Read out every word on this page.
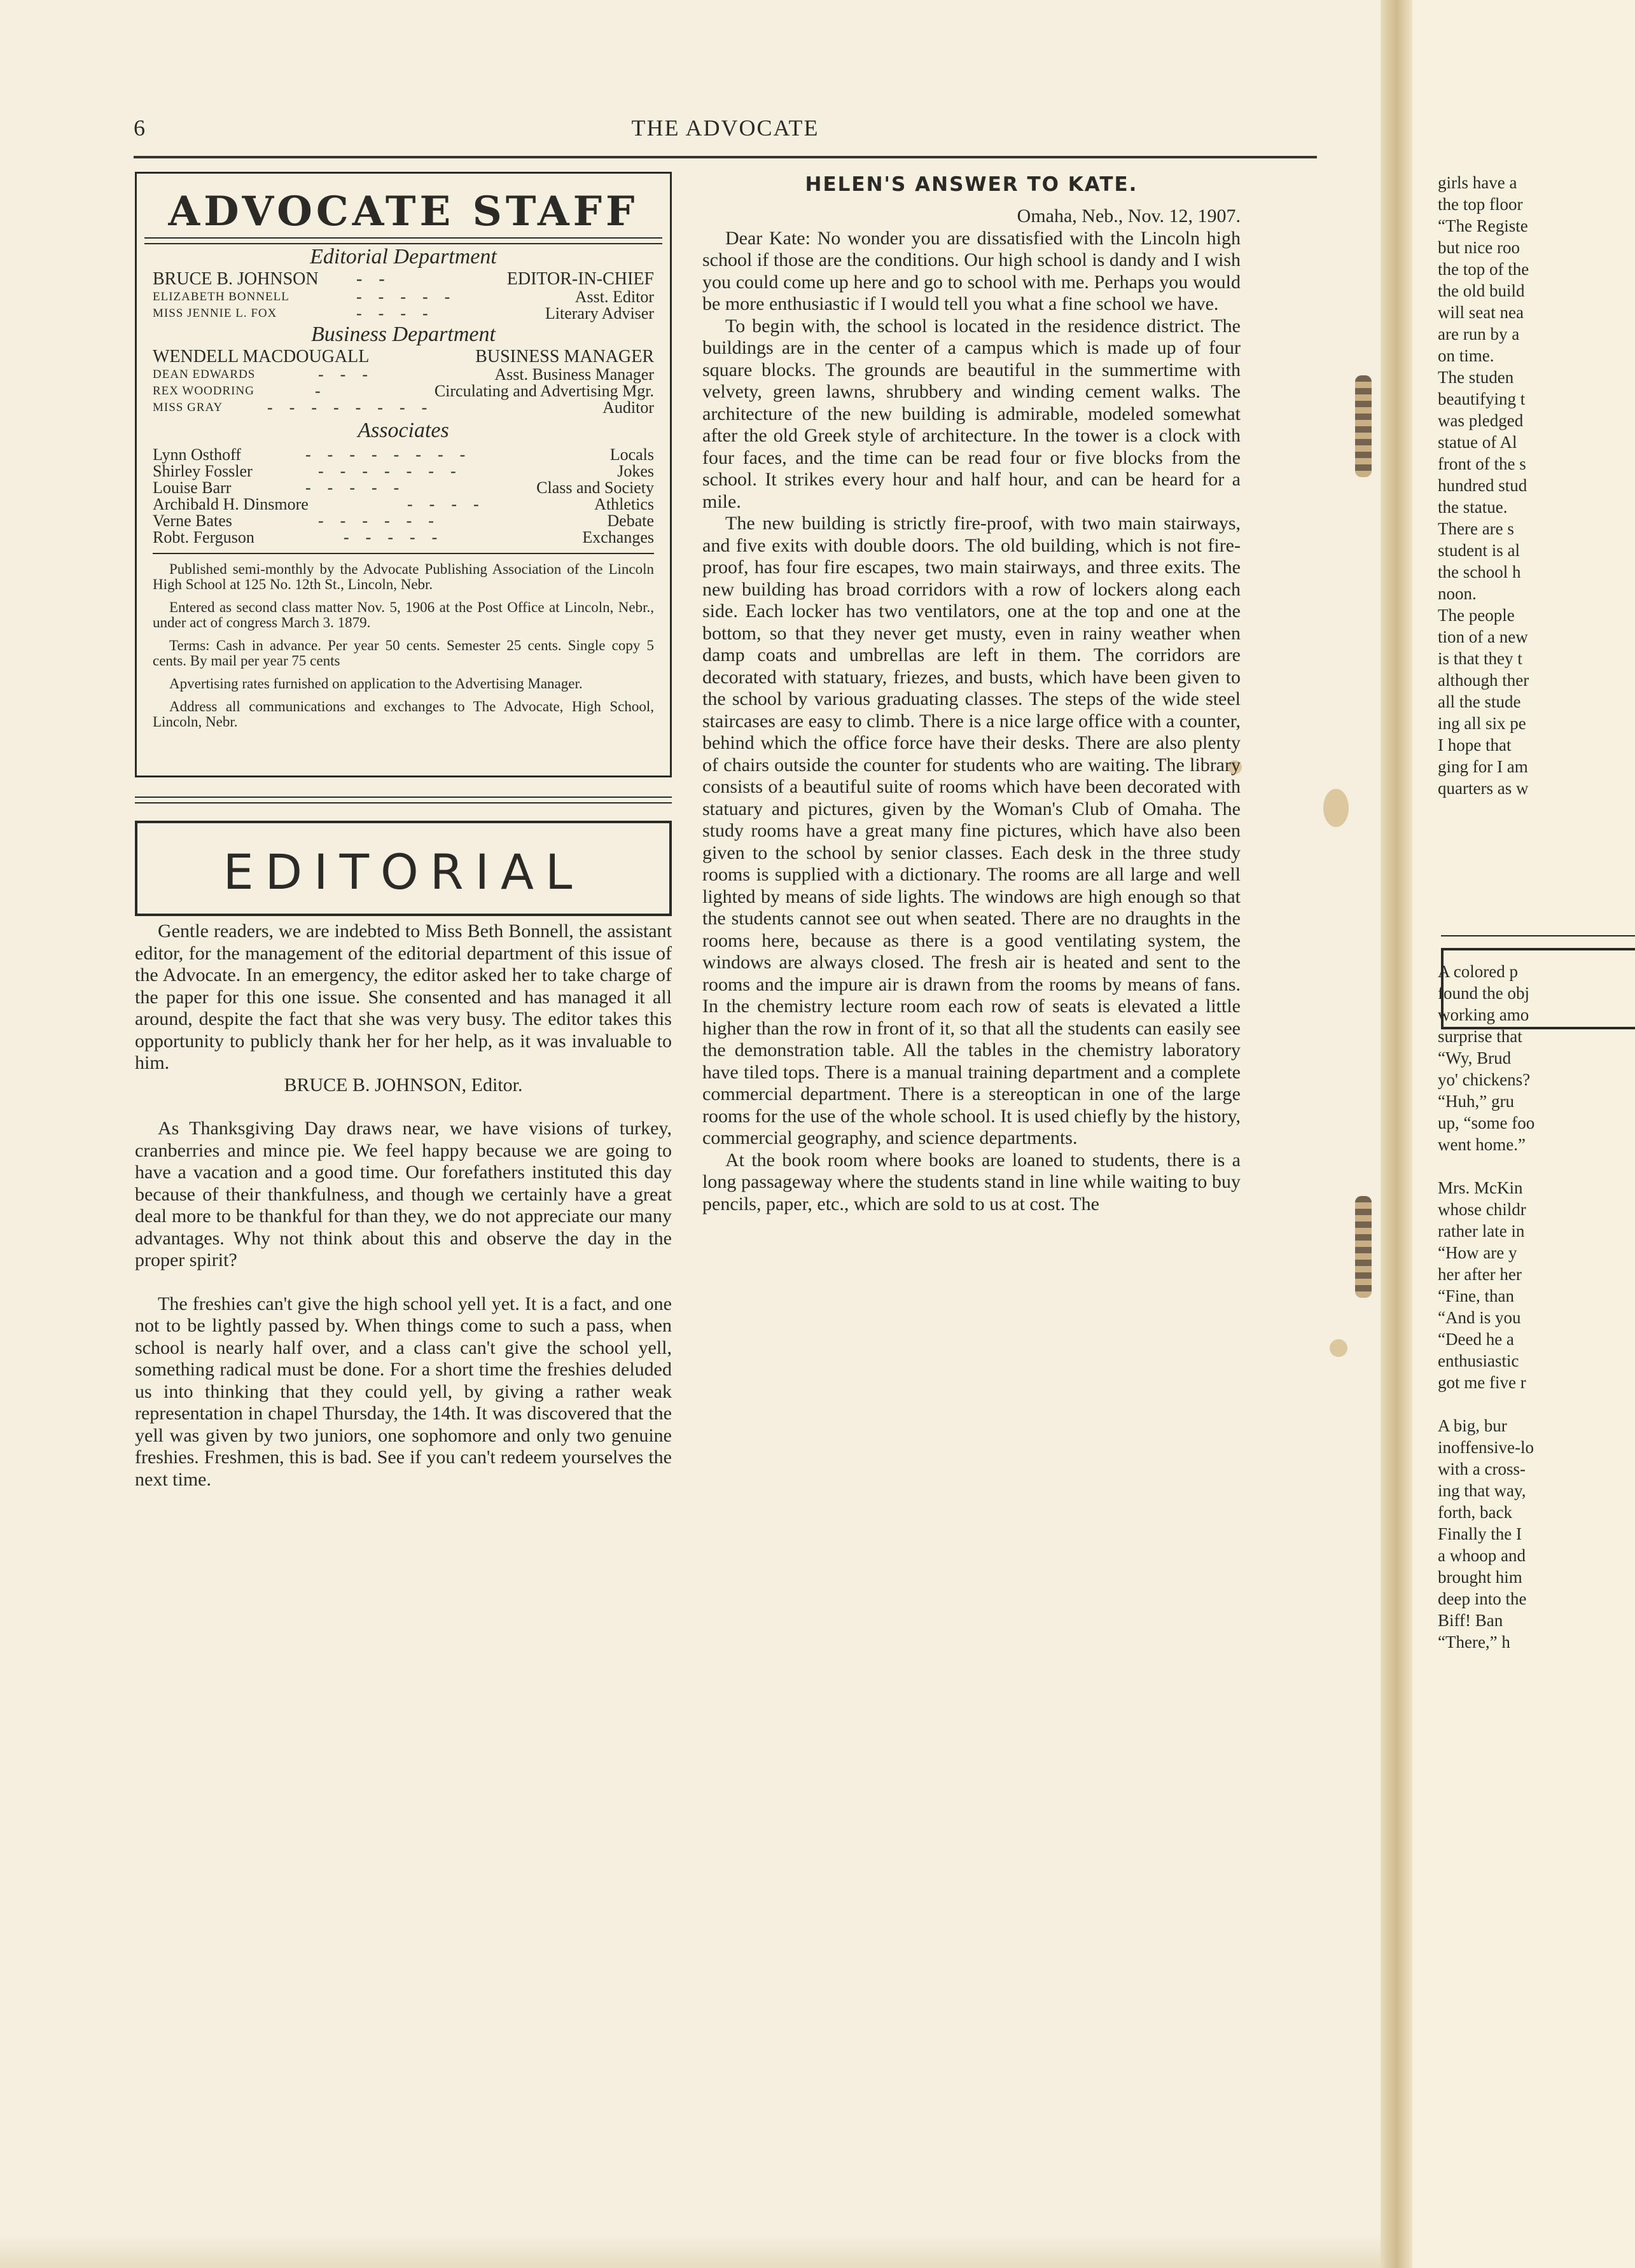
6	THE ADVOCATE
ADVOCATE STAFF
Editorial Department
BRUCE B. JOHNSON --	EDITOR-IN-CHIEF
ELIZABETH BONNELL	-----	Asst. Editor
MISS JENNIE L. FOX	----	Literary Adviser
Business Department
WENDELL MACDOUGALL	BUSINESS MANAGER
DEAN EDWARDS	---	Asst. Business Manager
REX WOODRING	-	Circulating and Advertising Mgr.
MISS GRAY	--------	Auditor
Associates
Lynn Osthoff	--------	Locals
Shirley Fossler	-------	Jokes
Louise Barr	-----	Class and Society
Archibald H. Dinsmore	----	Athletics
Verne Bates	------	Debate
Robt. Ferguson	-----	Exchanges

Published semi-monthly by the Advocate Publishing Association of the Lincoln High School at 125 No. 12th St., Lincoln, Nebr.

Entered as second class matter Nov. 5, 1906 at the Post Office at Lincoln, Nebr., under act of congress March 3. 1879.

Terms: Cash in advance. Per year 50 cents. Semester 25 cents. Single copy 5 cents. By mail per year 75 cents

Apvertising rates furnished on application to the Advertising Manager.

Address all communications and exchanges to The Advocate, High School, Lincoln, Nebr.

EDITORIAL

Gentle readers, we are indebted to Miss Beth Bonnell, the assistant editor, for the management of the editorial department of this issue of the Advocate. In an emergency, the editor asked her to take charge of the paper for this one issue. She consented and has managed it all around, despite the fact that she was very busy. The editor takes this opportunity to publicly thank her for her help, as it was invaluable to him.

BRUCE B. JOHNSON, Editor.

As Thanksgiving Day draws near, we have visions of turkey, cranberries and mince pie. We feel happy because we are going to have a vacation and a good time. Our forefathers instituted this day because of their thankfulness, and though we certainly have a great deal more to be thankful for than they, we do not appreciate our many advantages. Why not think about this and observe the day in the proper spirit?

The freshies can't give the high school yell yet. It is a fact, and one not to be lightly passed by. When things come to such a pass, when school is nearly half over, and a class can't give the school yell, something radical must be done. For a short time the freshies deluded us into thinking that they could yell, by giving a rather weak representation in chapel Thursday, the 14th. It was discovered that the yell was given by two juniors, one sophomore and only two genuine freshies. Freshmen, this is bad. See if you can't redeem yourselves the next time.

HELEN'S ANSWER TO KATE.

Omaha, Neb., Nov. 12, 1907.

Dear Kate: No wonder you are dissatisfied with the Lincoln high school if those are the conditions. Our high school is dandy and I wish you could come up here and go to school with me. Perhaps you would be more enthusiastic if I would tell you what a fine school we have.

To begin with, the school is located in the residence district. The buildings are in the center of a campus which is made up of four square blocks. The grounds are beautiful in the summertime with velvety, green lawns, shrubbery and winding cement walks. The architecture of the new building is admirable, modeled somewhat after the old Greek style of architecture. In the tower is a clock with four faces, and the time can be read four or five blocks from the school. It strikes every hour and half hour, and can be heard for a mile.

The new building is strictly fire-proof, with two main stairways, and five exits with double doors. The old building, which is not fire-proof, has four fire escapes, two main stairways, and three exits. The new building has broad corridors with a row of lockers along each side. Each locker has two ventilators, one at the top and one at the bottom, so that they never get musty, even in rainy weather when damp coats and umbrellas are left in them. The corridors are decorated with statuary, friezes, and busts, which have been given to the school by various graduating classes. The steps of the wide steel staircases are easy to climb. There is a nice large office with a counter, behind which the office force have their desks. There are also plenty of chairs outside the counter for students who are waiting. The library consists of a beautiful suite of rooms which have been decorated with statuary and pictures, given by the Woman's Club of Omaha. The study rooms have a great many fine pictures, which have also been given to the school by senior classes. Each desk in the three study rooms is supplied with a dictionary. The rooms are all large and well lighted by means of side lights. The windows are high enough so that the students cannot see out when seated. There are no draughts in the rooms here, because as there is a good ventilating system, the windows are always closed. The fresh air is heated and sent to the rooms and the impure air is drawn from the rooms by means of fans. In the chemistry lecture room each row of seats is elevated a little higher than the row in front of it, so that all the students can easily see the demonstration table. All the tables in the chemistry laboratory have tiled tops. There is a manual training department and a complete commercial department. There is a stereoptican in one of the large rooms for the use of the whole school. It is used chiefly by the history, commercial geography, and science departments.

At the book room where books are loaned to students, there is a long passageway where the students stand in line while waiting to buy pencils, paper, etc., which are sold to us at cost. The

girls have a

the top floor

“The Registe

but nice roo

the top of the

the old build

will seat nea

are run by a

on time.

The studen

beautifying t

was pledged

statue of Al

front of the s

hundred stud

the statue.

There are s

student is al

the school h

noon.

The people

tion of a new

is that they t

although ther

all the stude

ing all six pe

I hope that

ging for I am

quarters as w

A colored p

found the obj

working amo

surprise that

“Wy, Brud

yo' chickens?

“Huh,” gru

up, “some foo

went home.”

Mrs. McKin

whose childr

rather late in

“How are y

her after her

“Fine, than

“And is you

“Deed he a

enthusiastic

got me five r

A big, bur

inoffensive-lo

with a cross-

ing that way,

forth, back

Finally the I

a whoop and

brought him

deep into the

Biff! Ban

“There,” h
